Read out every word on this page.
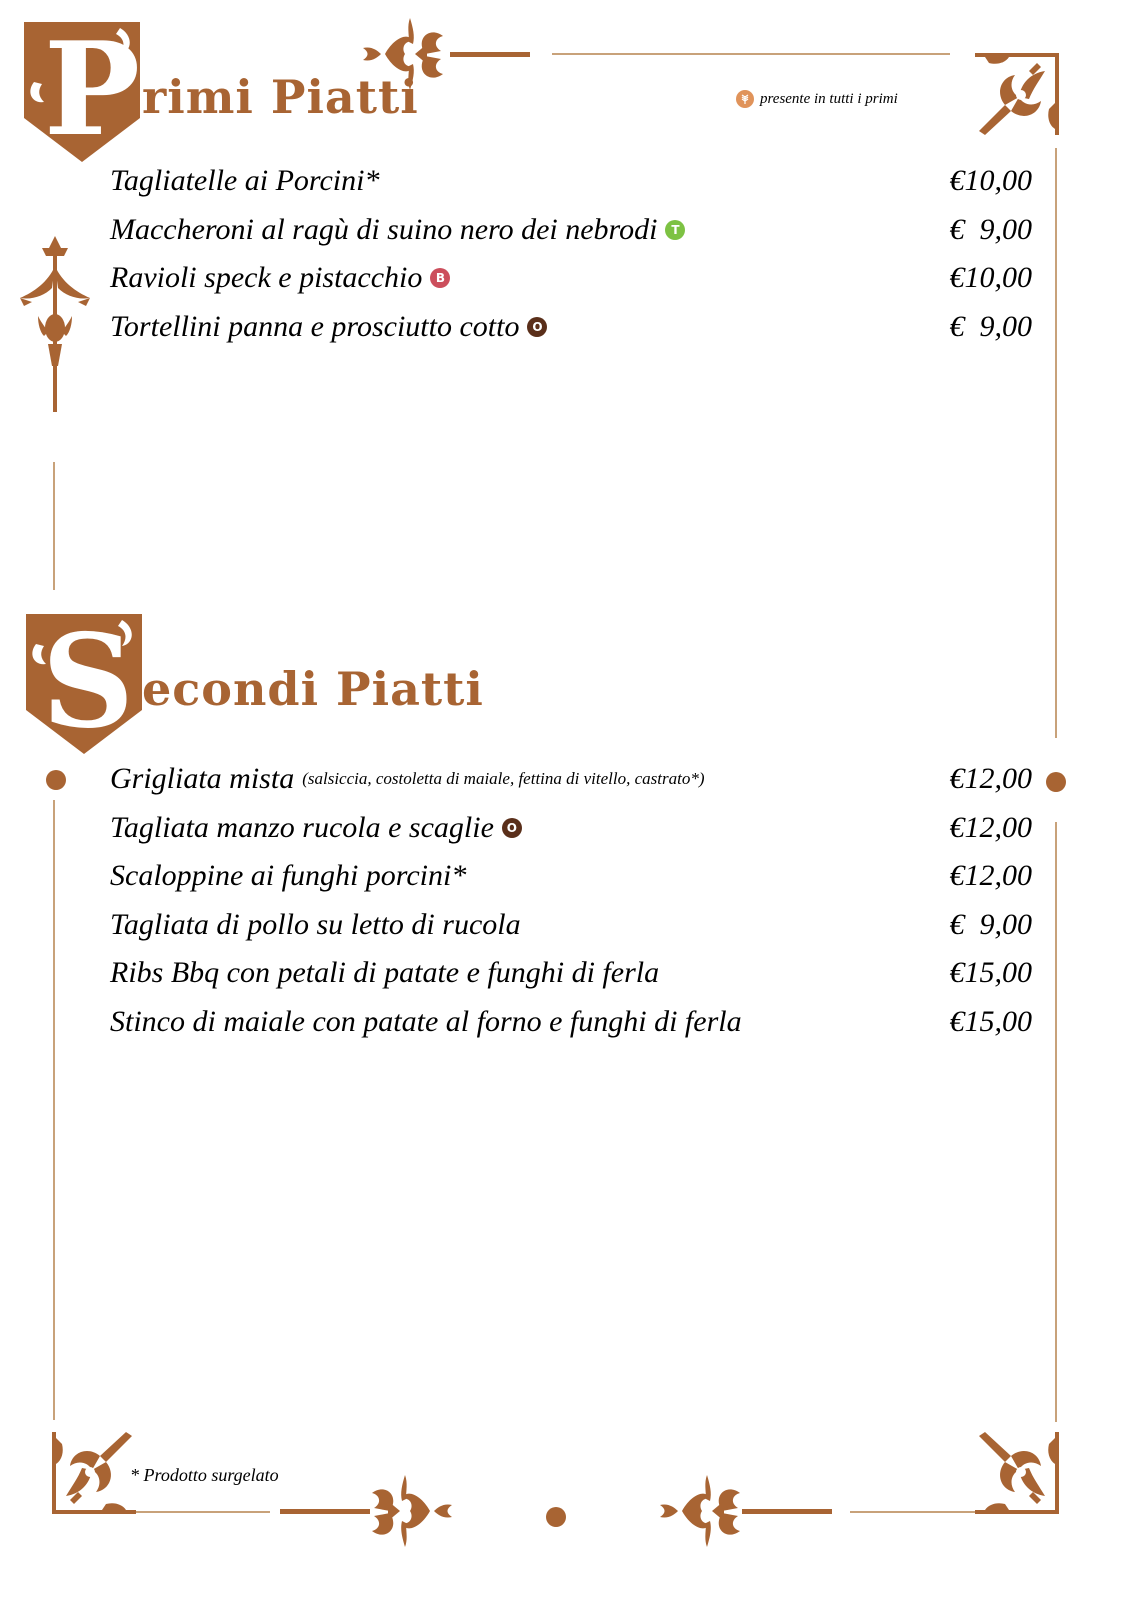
P rimi Piatti	presente in tutti i primi
Tagliatelle ai Porcini*	€10,00
Maccheroni al ragù di suino nero dei nebrodi	T	€  9,00
Ravioli speck e pistacchio	B	€10,00
Tortellini panna e prosciutto cotto	O	€  9,00
S econdi Piatti
Grigliata mista (salsiccia, costoletta di maiale, fettina di vitello, castrato*)	€12,00
Tagliata manzo rucola e scaglie	O	€12,00
Scaloppine ai funghi porcini*	€12,00
Tagliata di pollo su letto di rucola	€  9,00
Ribs Bbq con petali di patate e funghi di ferla	€15,00
Stinco di maiale con patate al forno e funghi di ferla	€15,00
* Prodotto surgelato
